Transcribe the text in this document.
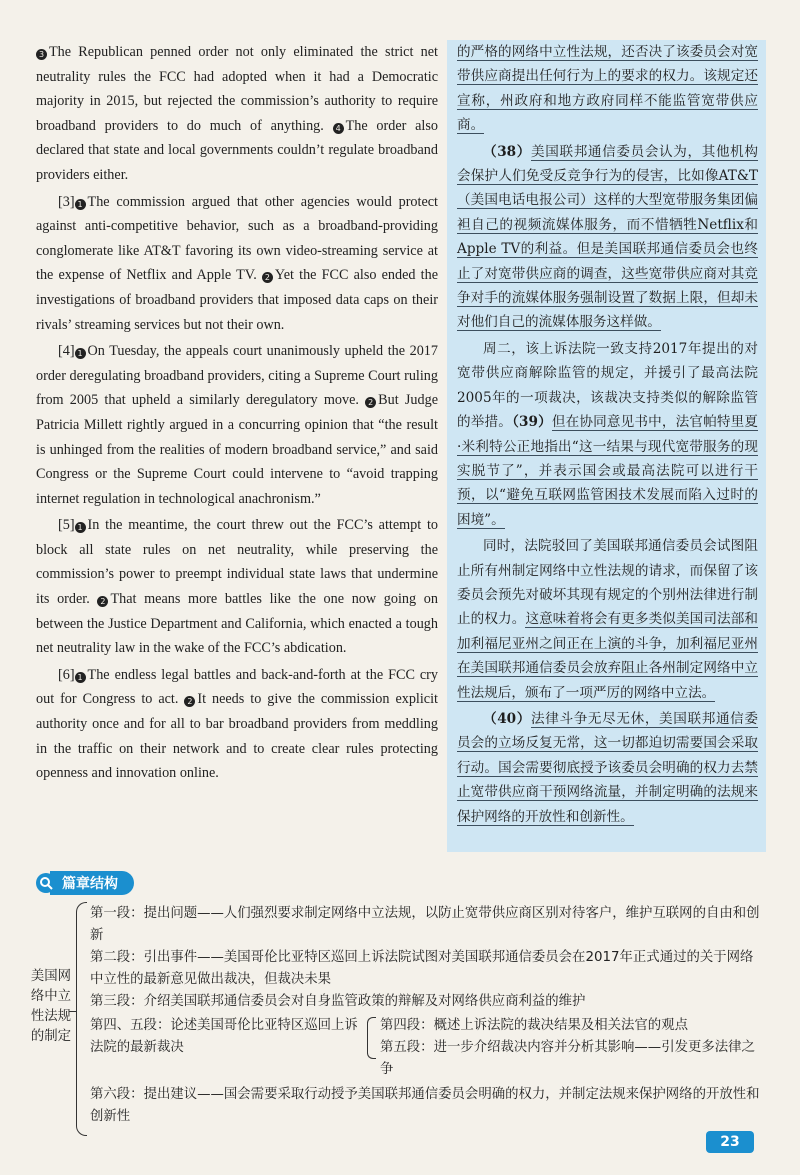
3 The Republican penned order not only eliminated the strict net neutrality rules the FCC had adopted when it had a Democratic majority in 2015, but rejected the commission’s authority to require broadband providers to do much of anything. 4 The order also declared that state and local governments couldn’t regulate broadband providers either.

[3] 1 The commission argued that other agencies would protect against anti-competitive behavior, such as a broadband-providing conglomerate like AT&T favoring its own video-streaming service at the expense of Netflix and Apple TV. 2 Yet the FCC also ended the investigations of broadband providers that imposed data caps on their rivals’ streaming services but not their own.

[4] 1 On Tuesday, the appeals court unanimously upheld the 2017 order deregulating broadband providers, citing a Supreme Court ruling from 2005 that upheld a similarly deregulatory move. 2 But Judge Patricia Millett rightly argued in a concurring opinion that “the result is unhinged from the realities of modern broadband service,” and said Congress or the Supreme Court could intervene to “avoid trapping internet regulation in technological anachronism.”

[5] 1 In the meantime, the court threw out the FCC’s attempt to block all state rules on net neutrality, while preserving the commission’s power to preempt individual state laws that undermine its order. 2 That means more battles like the one now going on between the Justice Department and California, which enacted a tough net neutrality law in the wake of the FCC’s abdication.

[6] 1 The endless legal battles and back-and-forth at the FCC cry out for Congress to act. 2 It needs to give the commission explicit authority once and for all to bar broadband providers from meddling in the traffic on their network and to create clear rules protecting openness and innovation online.

的严格的网络中立性法规，还否决了该委员会对宽带供应商提出任何行为上的要求的权力。该规定还宣称，州政府和地方政府同样不能监管宽带供应商。

（38）美国联邦通信委员会认为，其他机构会保护人们免受反竞争行为的侵害，比如像AT&T（美国电话电报公司）这样的大型宽带服务集团偏袒自己的视频流媒体服务，而不惜牺牲Netflix和Apple TV的利益。但是美国联邦通信委员会也终止了对宽带供应商的调查，这些宽带供应商对其竞争对手的流媒体服务强制设置了数据上限，但却未对他们自己的流媒体服务这样做。

周二，该上诉法院一致支持2017年提出的对宽带供应商解除监管的规定，并援引了最高法院2005年的一项裁决，该裁决支持类似的解除监管的举措。（39）但在协同意见书中，法官帕特里夏·米利特公正地指出“这一结果与现代宽带服务的现实脱节了”，并表示国会或最高法院可以进行干预，以“避免互联网监管困技术发展而陷入过时的困境”。

同时，法院驳回了美国联邦通信委员会试图阻止所有州制定网络中立性法规的请求，而保留了该委员会预先对破坏其现有规定的个别州法律进行制止的权力。这意味着将会有更多类似美国司法部和加利福尼亚州之间正在上演的斗争，加利福尼亚州在美国联邦通信委员会放弃阻止各州制定网络中立性法规后，颁布了一项严厉的网络中立法。

（40）法律斗争无尽无休，美国联邦通信委员会的立场反复无常，这一切都迫切需要国会采取行动。国会需要彻底授予该委员会明确的权力去禁止宽带供应商干预网络流量，并制定明确的法规来保护网络的开放性和创新性。

篇章结构
美国网络中立性法规的制定
第一段：提出问题——人们强烈要求制定网络中立法规，以防止宽带供应商区别对待客户，维护互联网的自由和创新
第二段：引出事件——美国哥伦比亚特区巡回上诉法院试图对美国联邦通信委员会在2017年正式通过的关于网络中立性的最新意见做出裁决，但裁决未果
第三段：介绍美国联邦通信委员会对自身监管政策的辩解及对网络供应商利益的维护
第四、五段：论述美国哥伦比亚特区巡回上诉法院的最新裁决
第四段：概述上诉法院的裁决结果及相关法官的观点
第五段：进一步介绍裁决内容并分析其影响——引发更多法律之争
第六段：提出建议——国会需要采取行动授予美国联邦通信委员会明确的权力，并制定法规来保护网络的开放性和创新性
23
